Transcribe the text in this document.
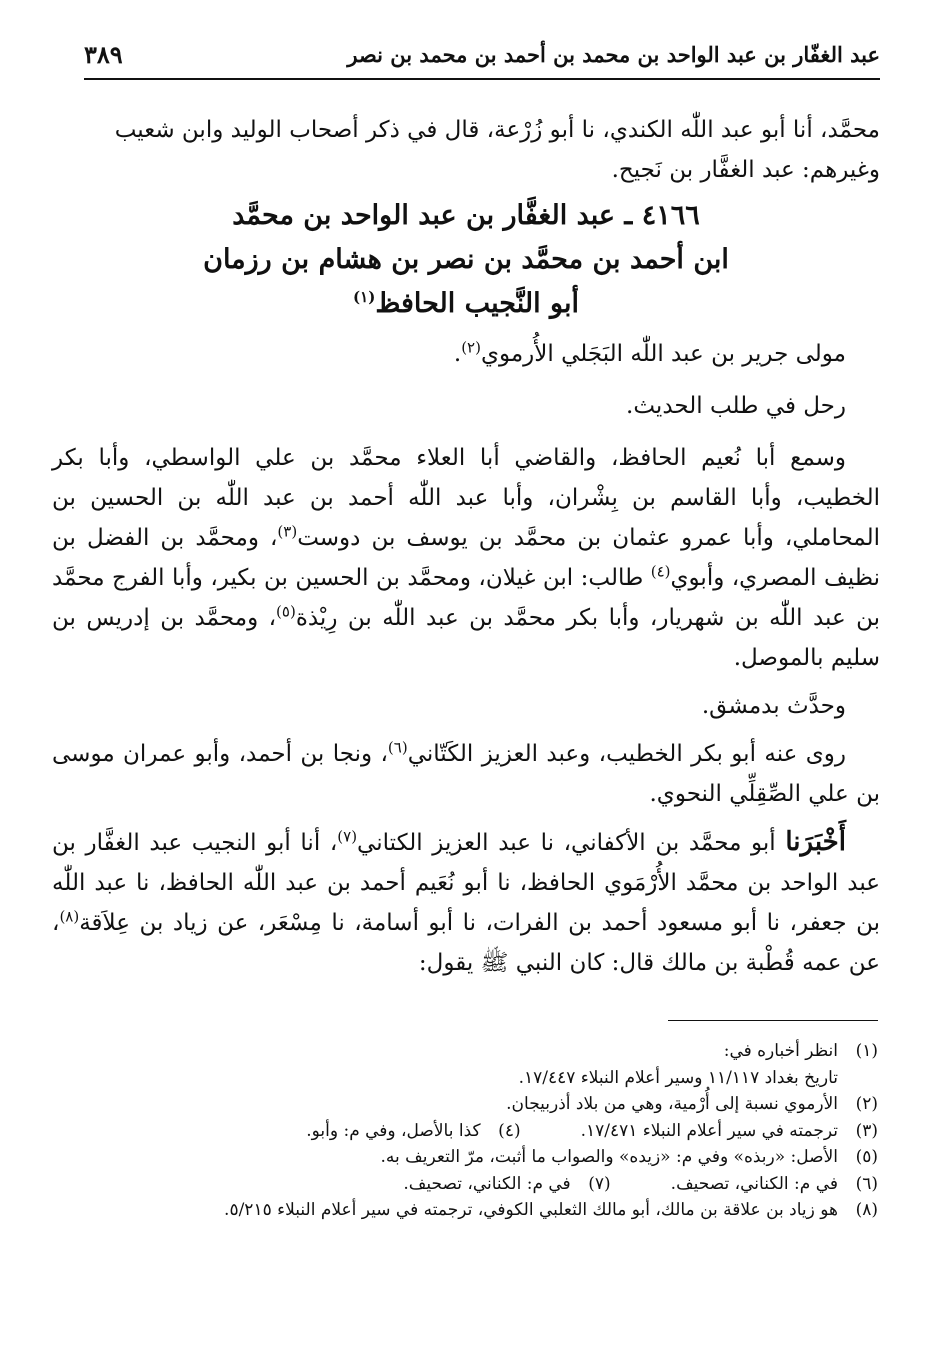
عبد الغفّار بن عبد الواحد بن محمد بن أحمد بن محمد بن نصر
٣٨٩

محمَّد، أنا أبو عبد اللّٰه الكندي، نا أبو زُرْعة، قال في ذكر أصحاب الوليد وابن شعيب

وغيرهم: عبد الغفَّار بن نَجيح.

٤١٦٦ ـ عبد الغفَّار بن عبد الواحد بن محمَّد
ابن أحمد بن محمَّد بن نصر بن هشام بن رزمان
أبو النَّجيب الحافظ$^{(١)}$

مولى جرير بن عبد اللّٰه البَجَلي الأُرموي$^{(٢)}$.

رحل في طلب الحديث.

وسمع أبا نُعيم الحافظ، والقاضي أبا العلاء محمَّد بن علي الواسطي، وأبا بكر الخطيب، وأبا القاسم بن بِشْران، وأبا عبد اللّٰه أحمد بن عبد اللّٰه بن الحسين بن المحاملي، وأبا عمرو عثمان بن محمَّد بن يوسف بن دوست$^{(٣)}$، ومحمَّد بن الفضل بن نظيف المصري، وأبوي$^{(٤)}$ طالب: ابن غيلان، ومحمَّد بن الحسين بن بكير، وأبا الفرج محمَّد بن عبد اللّٰه بن شهريار، وأبا بكر محمَّد بن عبد اللّٰه بن رِيْذة$^{(٥)}$، ومحمَّد بن إدريس بن سليم بالموصل.

وحدَّث بدمشق.

روى عنه أبو بكر الخطيب، وعبد العزيز الكَتّاني$^{(٦)}$، ونجا بن أحمد، وأبو عمران موسى بن علي الصِّقِلِّي النحوي.

أَخْبَرَنا أبو محمَّد بن الأكفاني، نا عبد العزيز الكتاني$^{(٧)}$، أنا أبو النجيب عبد الغفَّار بن عبد الواحد بن محمَّد الأُرْمَوي الحافظ، نا أبو نُعَيم أحمد بن عبد اللّٰه الحافظ، نا عبد اللّٰه بن جعفر، نا أبو مسعود أحمد بن الفرات، نا أبو أسامة، نا مِسْعَر، عن زياد بن عِلاَقة$^{(٨)}$، عن عمه قُطْبة بن مالك قال: كان النبي ﷺ يقول:

(١)
انظر أخباره في:
تاريخ بغداد ١١/١١٧ وسير أعلام النبلاء ١٧/٤٤٧.
(٢)
الأرموي نسبة إلى أُرْمية، وهي من بلاد أذربيجان.
(٣)
ترجمته في سير أعلام النبلاء ١٧/٤٧١.
(٤)
كذا بالأصل، وفي م: وأبو.
(٥)
الأصل: «ربذه» وفي م: «زيده» والصواب ما أثبت، مرّ التعريف به.
(٦)
في م: الكناني، تصحيف.
(٧)
في م: الكناني، تصحيف.
(٨)
هو زياد بن علاقة بن مالك، أبو مالك الثعلبي الكوفي، ترجمته في سير أعلام النبلاء ٥/٢١٥.
